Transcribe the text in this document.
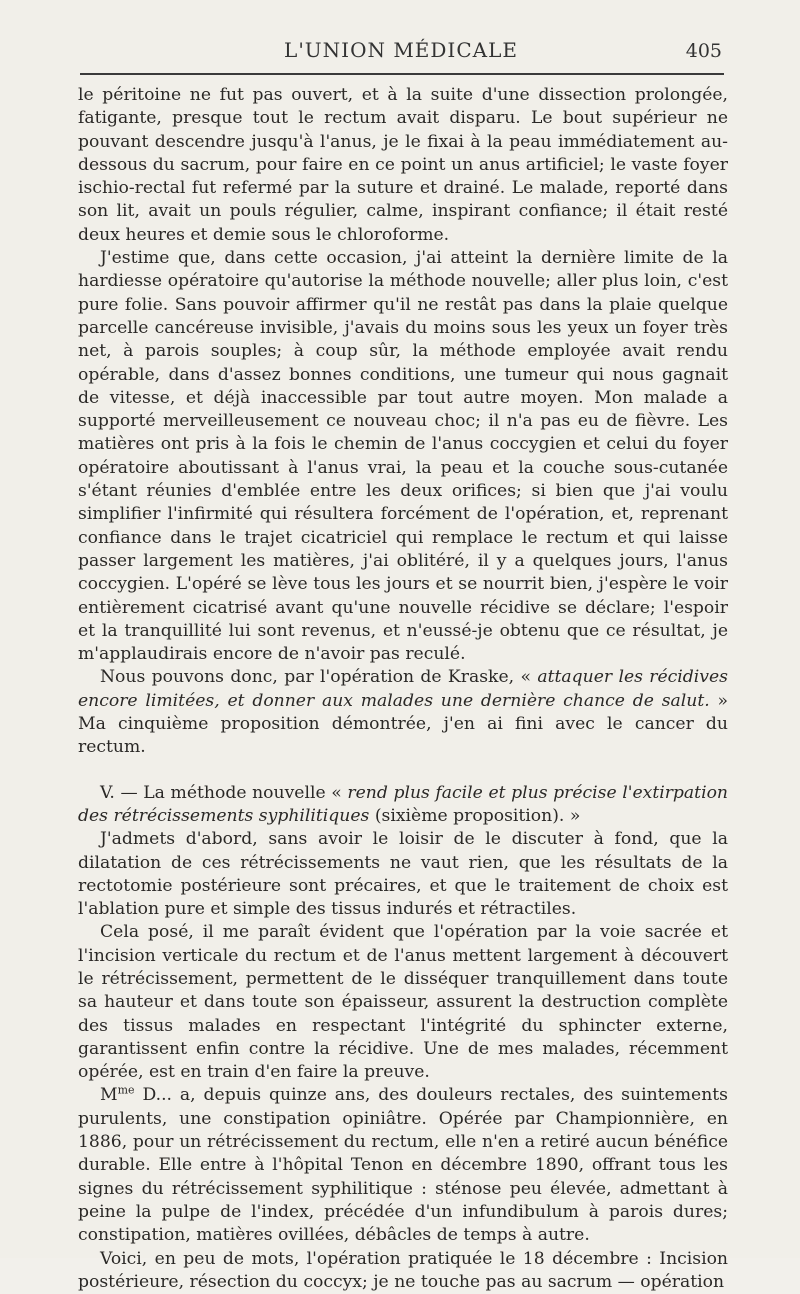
L'UNION MÉDICALE	405

le péritoine ne fut pas ouvert, et à la suite d'une dissection prolongée, fatigante, presque tout le rectum avait disparu. Le bout supérieur ne pouvant descendre jusqu'à l'anus, je le fixai à la peau immédiatement au-dessous du sacrum, pour faire en ce point un anus artificiel; le vaste foyer ischio-rectal fut refermé par la suture et drainé. Le malade, reporté dans son lit, avait un pouls régulier, calme, inspirant confiance; il était resté deux heures et demie sous le chloroforme.

J'estime que, dans cette occasion, j'ai atteint la dernière limite de la hardiesse opératoire qu'autorise la méthode nouvelle; aller plus loin, c'est pure folie. Sans pouvoir affirmer qu'il ne restât pas dans la plaie quelque parcelle cancéreuse invisible, j'avais du moins sous les yeux un foyer très net, à parois souples; à coup sûr, la méthode employée avait rendu opérable, dans d'assez bonnes conditions, une tumeur qui nous gagnait de vitesse, et déjà inaccessible par tout autre moyen. Mon malade a supporté merveilleusement ce nouveau choc; il n'a pas eu de fièvre. Les matières ont pris à la fois le chemin de l'anus coccygien et celui du foyer opératoire aboutissant à l'anus vrai, la peau et la couche sous-cutanée s'étant réunies d'emblée entre les deux orifices; si bien que j'ai voulu simplifier l'infirmité qui résultera forcément de l'opération, et, reprenant confiance dans le trajet cicatriciel qui remplace le rectum et qui laisse passer largement les matières, j'ai oblitéré, il y a quelques jours, l'anus coccygien. L'opéré se lève tous les jours et se nourrit bien, j'espère le voir entièrement cicatrisé avant qu'une nouvelle récidive se déclare; l'espoir et la tranquillité lui sont revenus, et n'eussé-je obtenu que ce résultat, je m'applaudirais encore de n'avoir pas reculé.

Nous pouvons donc, par l'opération de Kraske, « attaquer les récidives encore limitées, et donner aux malades une dernière chance de salut. » Ma cinquième proposition démontrée, j'en ai fini avec le cancer du rectum.

V. — La méthode nouvelle « rend plus facile et plus précise l'extirpation des rétrécissements syphilitiques (sixième proposition). »

J'admets d'abord, sans avoir le loisir de le discuter à fond, que la dilatation de ces rétrécissements ne vaut rien, que les résultats de la rectotomie postérieure sont précaires, et que le traitement de choix est l'ablation pure et simple des tissus indurés et rétractiles.

Cela posé, il me paraît évident que l'opération par la voie sacrée et l'incision verticale du rectum et de l'anus mettent largement à découvert le rétrécissement, permettent de le disséquer tranquillement dans toute sa hauteur et dans toute son épaisseur, assurent la destruction complète des tissus malades en respectant l'intégrité du sphincter externe, garantissent enfin contre la récidive. Une de mes malades, récemment opérée, est en train d'en faire la preuve.

$M^{me}$ D... a, depuis quinze ans, des douleurs rectales, des suintements purulents, une constipation opiniâtre. Opérée par Championnière, en 1886, pour un rétrécissement du rectum, elle n'en a retiré aucun bénéfice durable. Elle entre à l'hôpital Tenon en décembre 1890, offrant tous les signes du rétrécissement syphilitique : sténose peu élevée, admettant à peine la pulpe de l'index, précédée d'un infundibulum à parois dures; constipation, matières ovillées, débâcles de temps à autre.

Voici, en peu de mots, l'opération pratiquée le 18 décembre : Incision postérieure, résection du coccyx; je ne touche pas au sacrum — opération
